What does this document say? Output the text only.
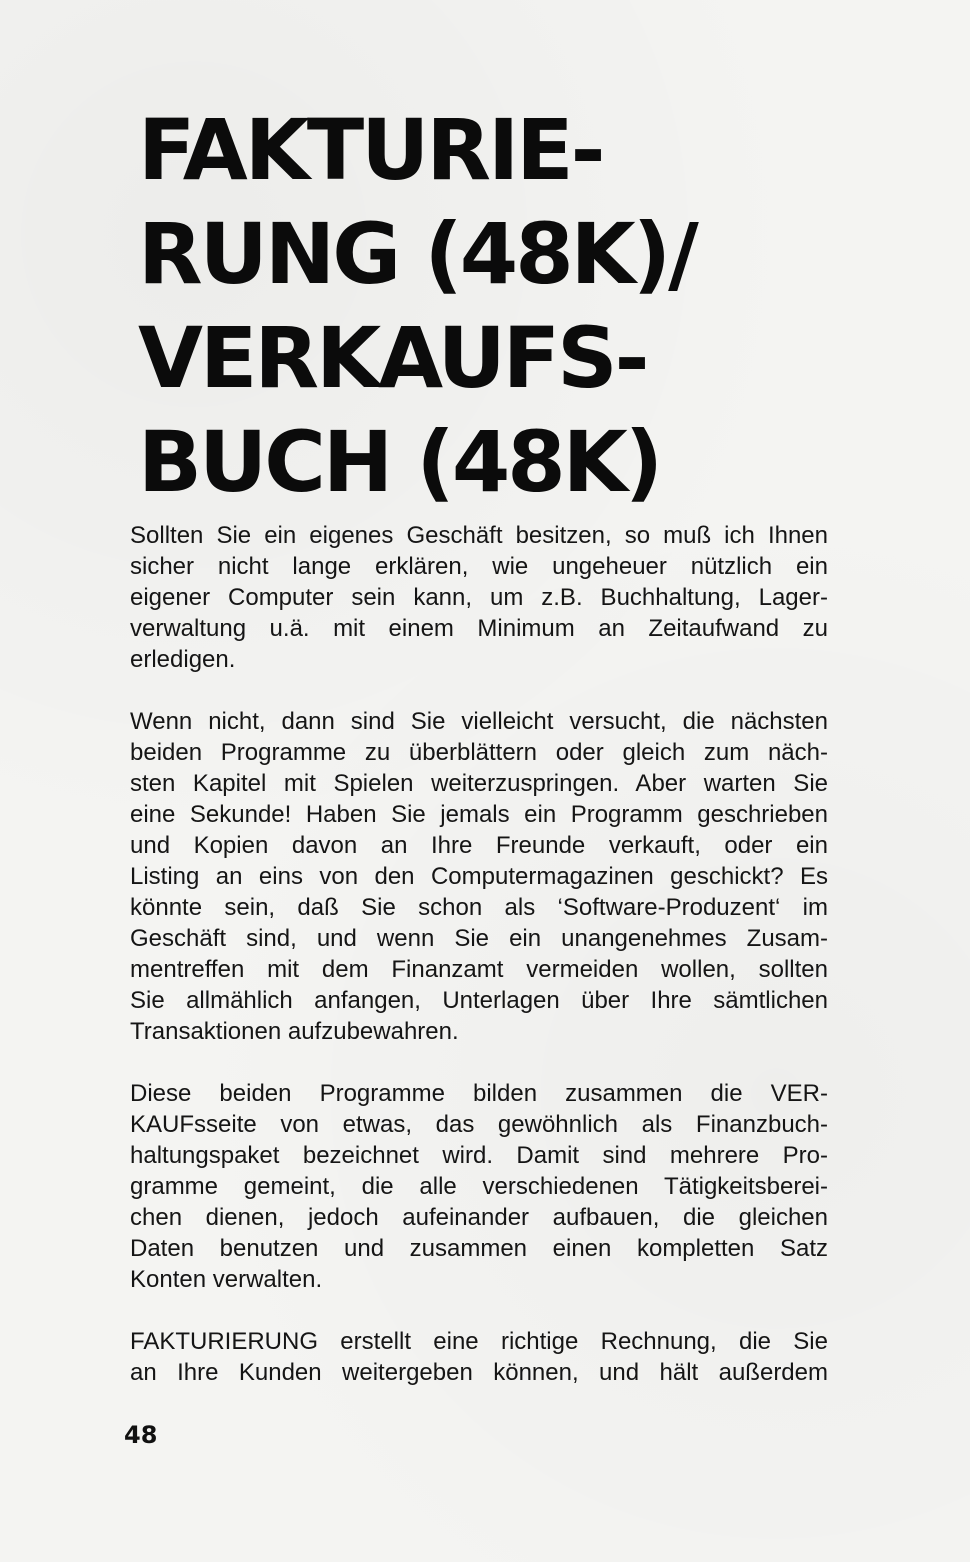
FAKTURIE-
RUNG (48K)/
VERKAUFS-
BUCH (48K)

Sollten Sie ein eigenes Geschäft besitzen, so muß ich Ihnen
sicher nicht lange erklären, wie ungeheuer nützlich ein
eigener Computer sein kann, um z.B. Buchhaltung, Lager-
verwaltung u.ä. mit einem Minimum an Zeitaufwand zu
erledigen.

Wenn nicht, dann sind Sie vielleicht versucht, die nächsten
beiden Programme zu überblättern oder gleich zum näch-
sten Kapitel mit Spielen weiterzuspringen. Aber warten Sie
eine Sekunde! Haben Sie jemals ein Programm geschrieben
und Kopien davon an Ihre Freunde verkauft, oder ein
Listing an eins von den Computermagazinen geschickt? Es
könnte sein, daß Sie schon als ‘Software-Produzent‘ im
Geschäft sind, und wenn Sie ein unangenehmes Zusam-
mentreffen mit dem Finanzamt vermeiden wollen, sollten
Sie allmählich anfangen, Unterlagen über Ihre sämtlichen
Transaktionen aufzubewahren.

Diese beiden Programme bilden zusammen die VER-
KAUFsseite von etwas, das gewöhnlich als Finanzbuch-
haltungspaket bezeichnet wird. Damit sind mehrere Pro-
gramme gemeint, die alle verschiedenen Tätigkeitsberei-
chen dienen, jedoch aufeinander aufbauen, die gleichen
Daten benutzen und zusammen einen kompletten Satz
Konten verwalten.

FAKTURIERUNG erstellt eine richtige Rechnung, die Sie
an Ihre Kunden weitergeben können, und hält außerdem

48
